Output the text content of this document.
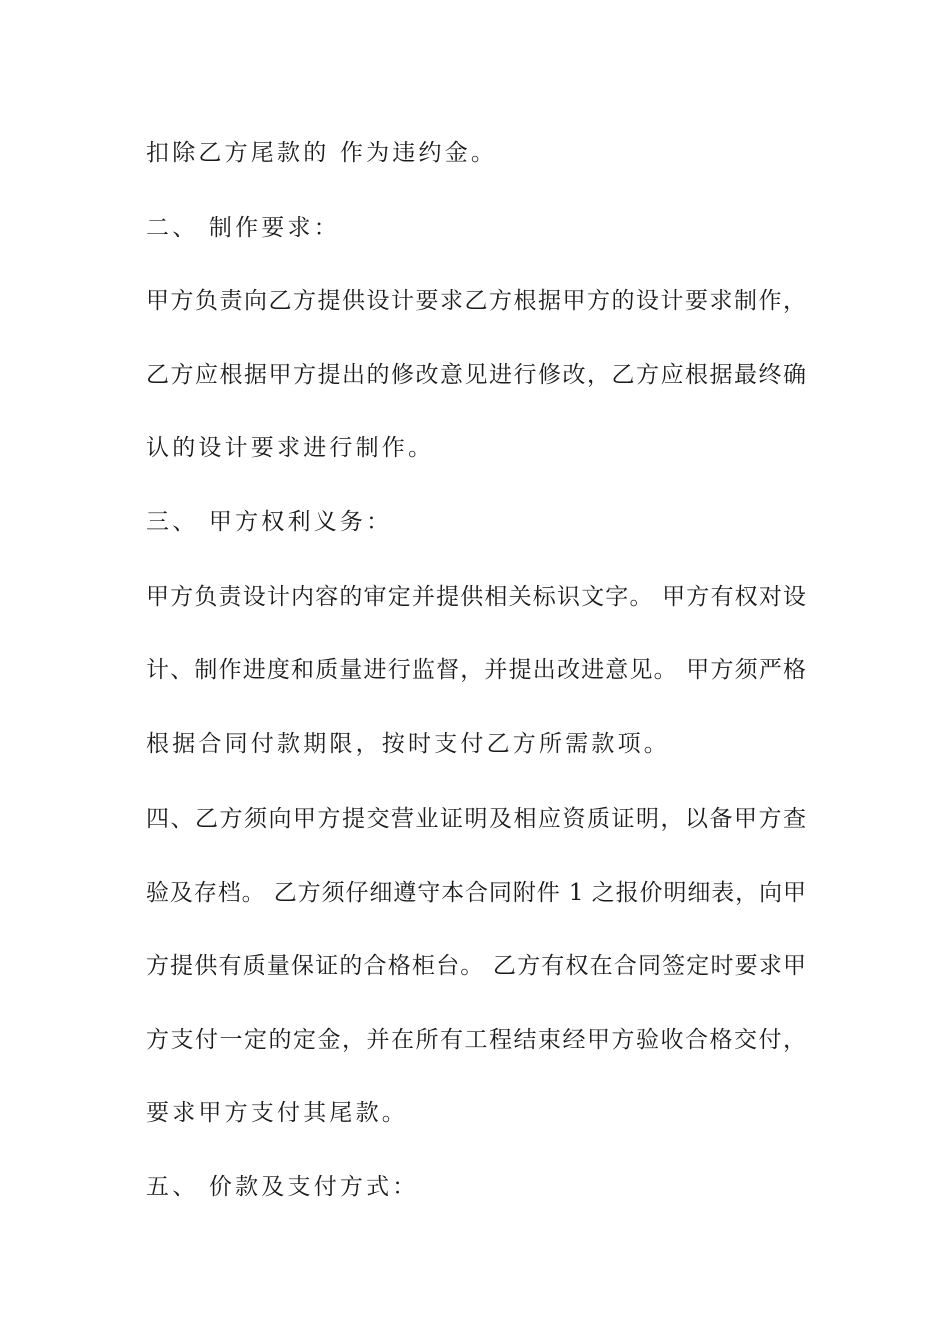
扣除乙方尾款的 作为违约金。
二、 制作要求：
甲方负责向乙方提供设计要求乙方根据甲方的设计要求制作，
乙方应根据甲方提出的修改意见进行修改，乙方应根据最终确
认的设计要求进行制作。
三、 甲方权利义务：
甲方负责设计内容的审定并提供相关标识文字。 甲方有权对设
计、制作进度和质量进行监督，并提出改进意见。 甲方须严格
根据合同付款期限，按时支付乙方所需款项。
四、乙方须向甲方提交营业证明及相应资质证明，以备甲方查
验及存档。 乙方须仔细遵守本合同附件 1 之报价明细表，向甲
方提供有质量保证的合格柜台。 乙方有权在合同签定时要求甲
方支付一定的定金，并在所有工程结束经甲方验收合格交付，
要求甲方支付其尾款。
五、 价款及支付方式：
